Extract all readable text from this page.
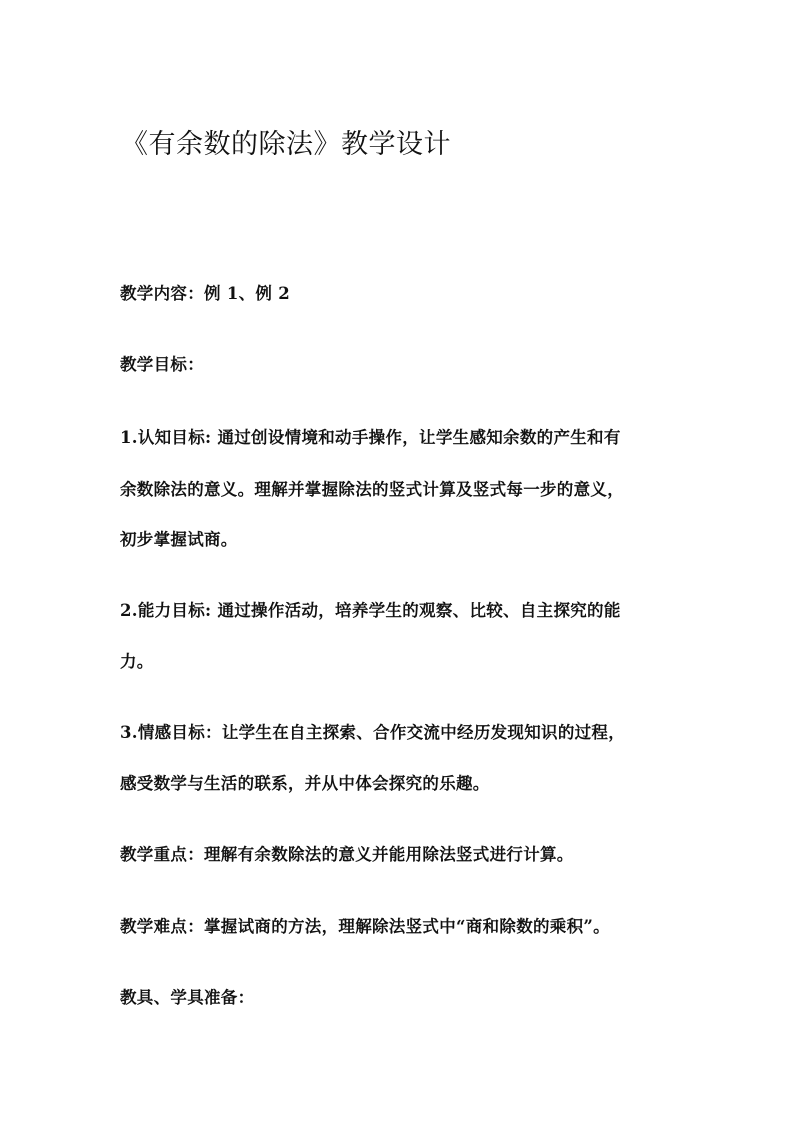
《有余数的除法》教学设计

教学内容：例 1、例 2

教学目标：

1.认知目标: 通过创设情境和动手操作，让学生感知余数的产生和有

余数除法的意义。理解并掌握除法的竖式计算及竖式每一步的意义，

初步掌握试商。

2.能力目标: 通过操作活动，培养学生的观察、比较、自主探究的能

力。

3.情感目标：让学生在自主探索、合作交流中经历发现知识的过程，

感受数学与生活的联系，并从中体会探究的乐趣。

教学重点：理解有余数除法的意义并能用除法竖式进行计算。

教学难点：掌握试商的方法，理解除法竖式中“商和除数的乘积”。

教具、学具准备：
